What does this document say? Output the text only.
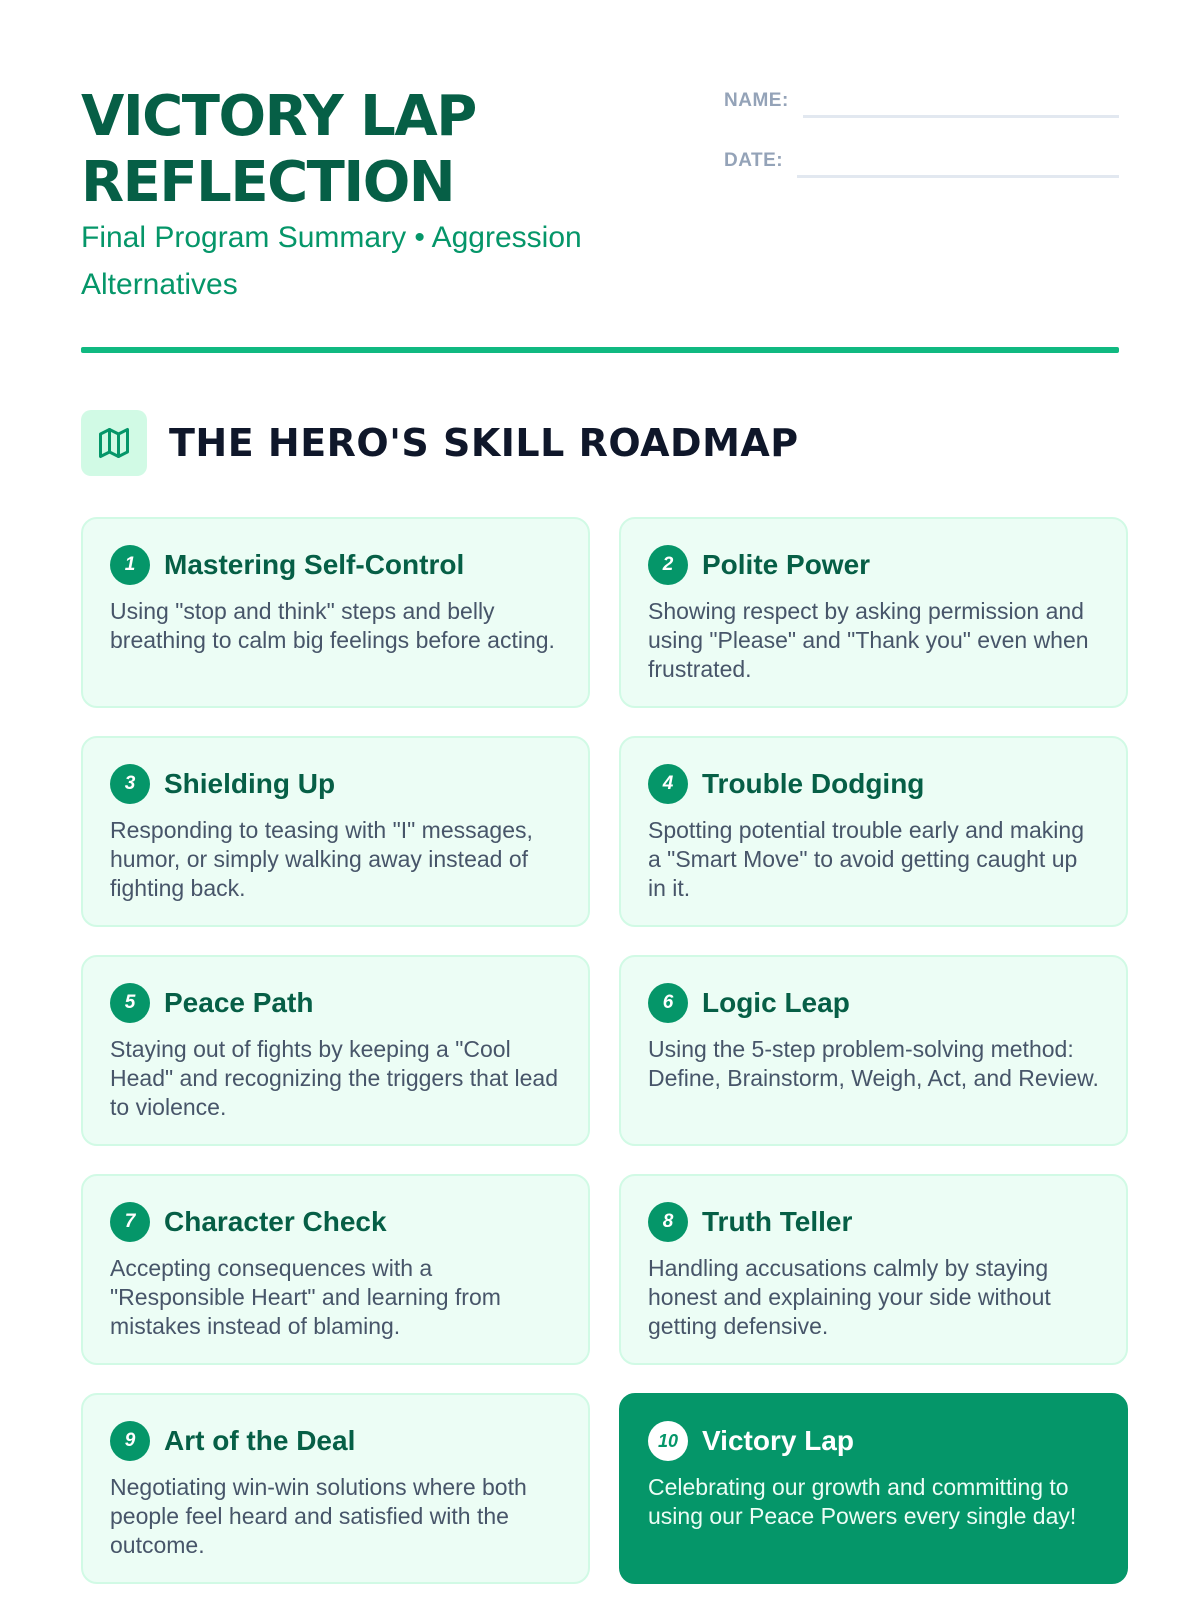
VICTORY LAP REFLECTION
Final Program Summary • Aggression Alternatives
NAME:
DATE:
THE HERO'S SKILL ROADMAP
1	Mastering Self-Control
Using "stop and think" steps and belly breathing to calm big feelings before acting.
2	Polite Power
Showing respect by asking permission and using "Please" and "Thank you" even when frustrated.
3	Shielding Up
Responding to teasing with "I" messages, humor, or simply walking away instead of fighting back.
4	Trouble Dodging
Spotting potential trouble early and making a "Smart Move" to avoid getting caught up in it.
5	Peace Path
Staying out of fights by keeping a "Cool Head" and recognizing the triggers that lead to violence.
6	Logic Leap
Using the 5-step problem-solving method: Define, Brainstorm, Weigh, Act, and Review.
7	Character Check
Accepting consequences with a "Responsible Heart" and learning from mistakes instead of blaming.
8	Truth Teller
Handling accusations calmly by staying honest and explaining your side without getting defensive.
9	Art of the Deal
Negotiating win-win solutions where both people feel heard and satisfied with the outcome.
10 Victory Lap
Celebrating our growth and committing to using our Peace Powers every single day!
